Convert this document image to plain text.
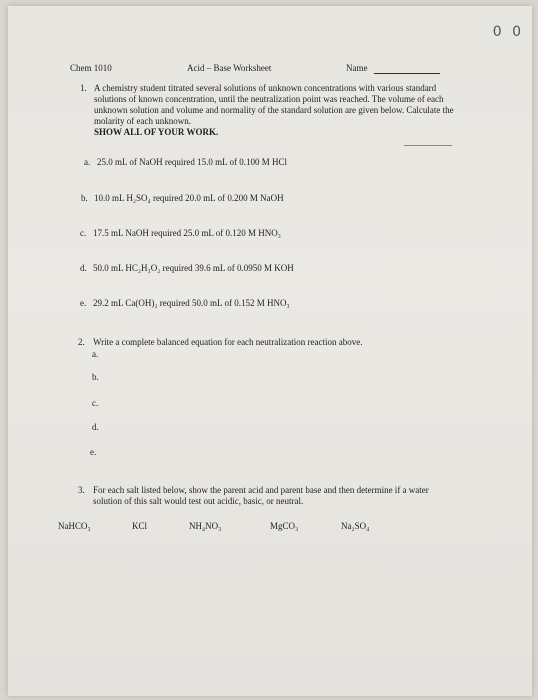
0 0
Chem 1010	Acid – Base Worksheet	Name
1. A chemistry student titrated several solutions of unknown concentrations with various standard solutions of known concentration, until the neutralization point was reached. The volume of each unknown solution and volume and normality of the standard solution are given below. Calculate the molarity of each unknown.
SHOW ALL OF YOUR WORK.
a. 25.0 mL of NaOH required 15.0 mL of 0.100 M HCl
b. 10.0 mL H₂SO₄ required 20.0 mL of 0.200 M NaOH
c. 17.5 mL NaOH required 25.0 mL of 0.120 M HNO₃
d. 50.0 mL HC₂H₃O₂ required 39.6 mL of 0.0950 M KOH
e. 29.2 mL Ca(OH)₂ required 50.0 mL of 0.152 M HNO₃
2. Write a complete balanced equation for each neutralization reaction above.
a.
b.
c.
d.
e.
3. For each salt listed below, show the parent acid and parent base and then determine if a water solution of this salt would test out acidic, basic, or neutral.
NaHCO₃	KCl	NH₄NO₃	MgCO₃	Na₂SO₄
